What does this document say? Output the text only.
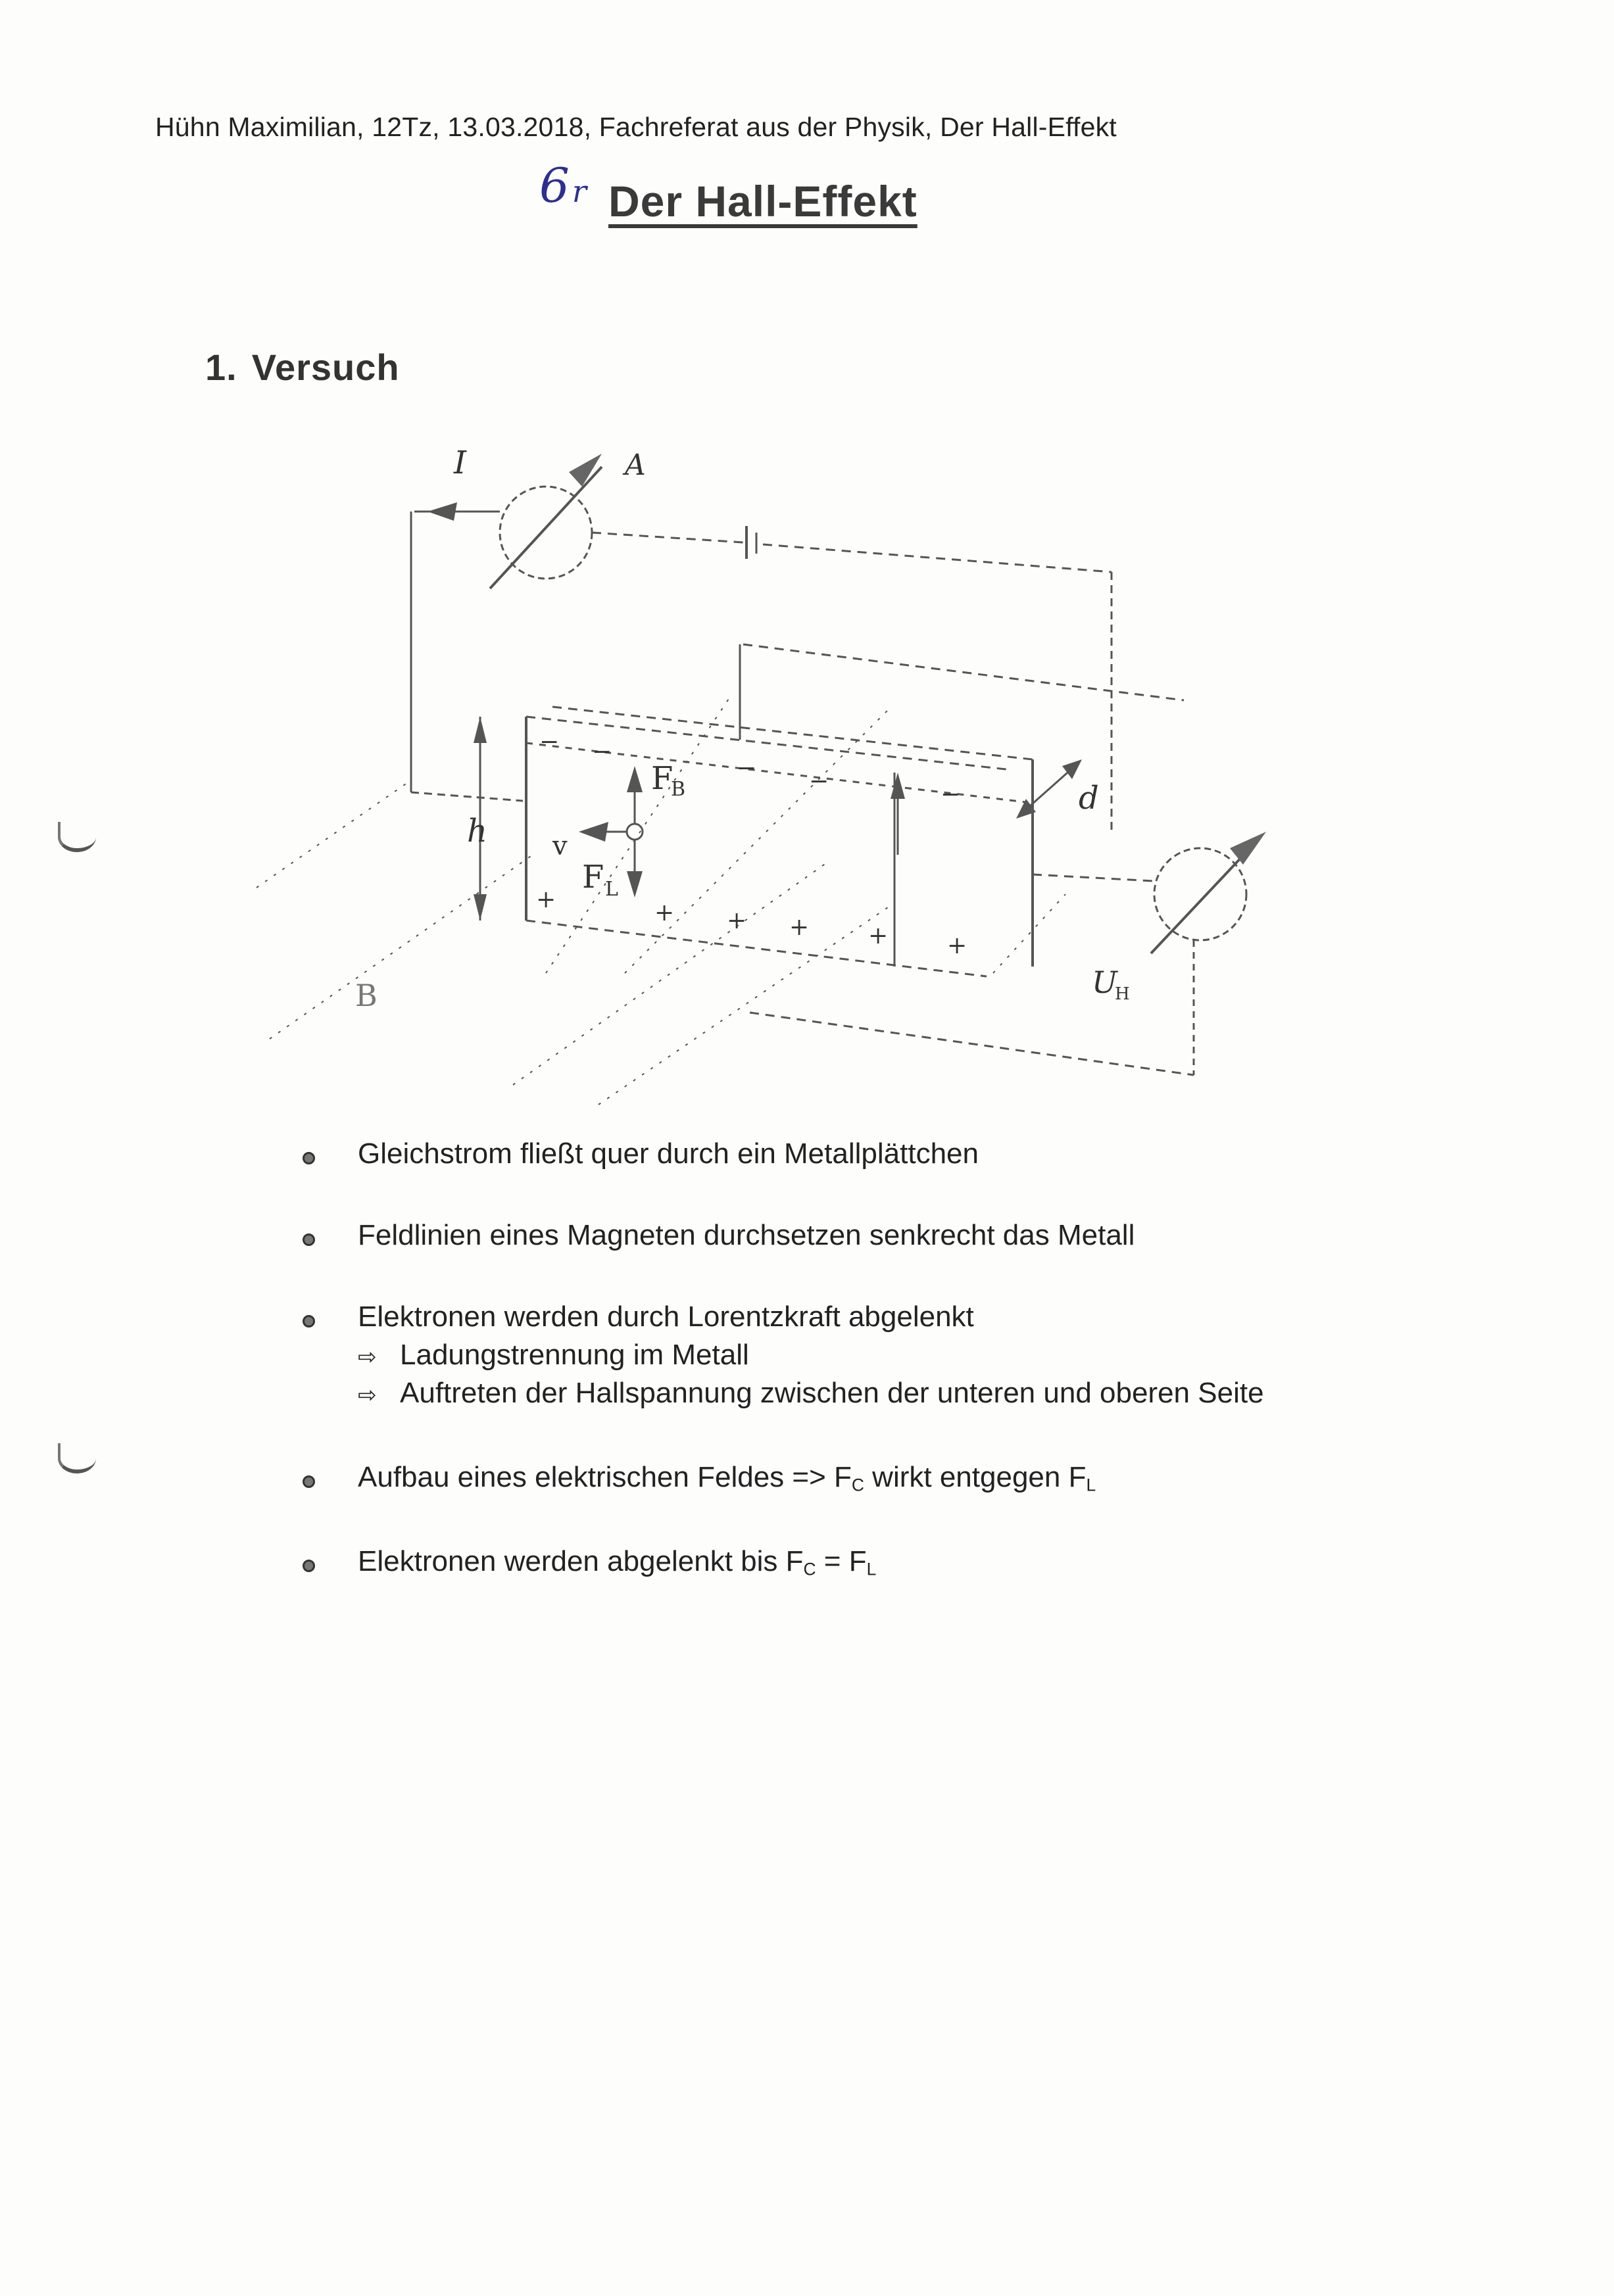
Hühn Maximilian, 12Tz, 13.03.2018, Fachreferat aus der Physik, Der Hall-Effekt
6r Der Hall-Effekt
1. Versuch
I	A
h v
F
B
F L
d
B	U
H
− −
− −	−
+	+ + + + +
Gleichstrom fließt quer durch ein Metallplättchen
Feldlinien eines Magneten durchsetzen senkrecht das Metall
Elektronen werden durch Lorentzkraft abgelenkt
⇨ Ladungstrennung im Metall
⇨ Auftreten der Hallspannung zwischen der unteren und oberen Seite
Aufbau eines elektrischen Feldes => $F_C$ wirkt entgegen $F_L$
Elektronen werden abgelenkt bis $F_C = F_L$
